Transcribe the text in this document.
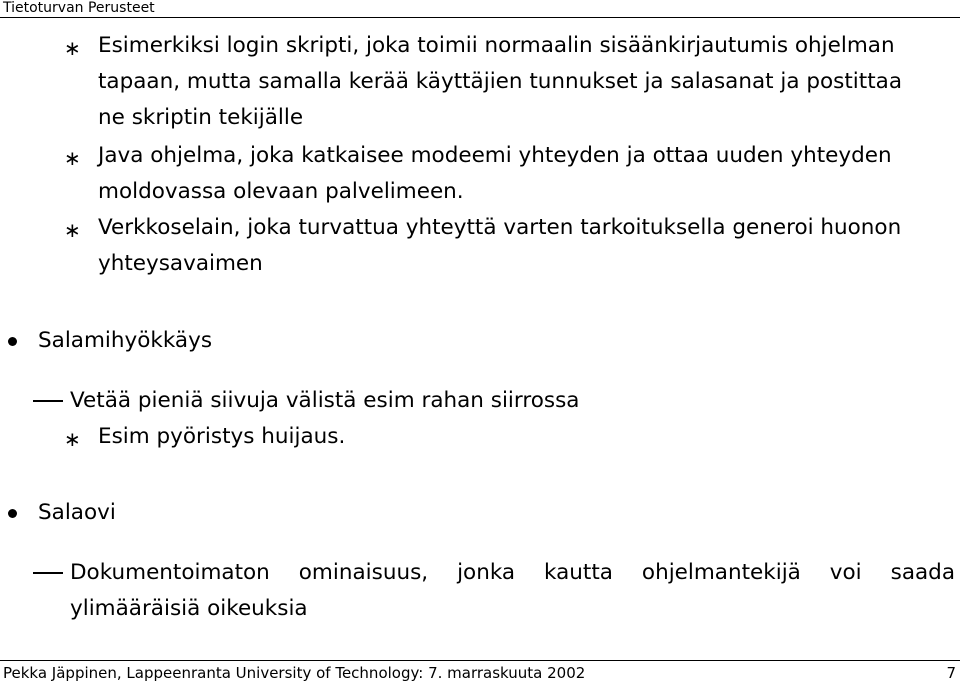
Tietoturvan Perusteet
∗ Esimerkiksi login skripti, joka toimii normaalin sisäänkirjautumis ohjelman
tapaan, mutta samalla kerää käyttäjien tunnukset ja salasanat ja postittaa
ne skriptin tekijälle
∗ Java ohjelma, joka katkaisee modeemi yhteyden ja ottaa uuden yhteyden
moldovassa olevaan palvelimeen.
∗ Verkkoselain, joka turvattua yhteyttä varten tarkoituksella generoi huonon
yhteysavaimen
Salamihyökkäys
Vetää pieniä siivuja välistä esim rahan siirrossa
∗ Esim pyöristys huijaus.
Salaovi
Dokumentoimaton ominaisuus, jonka kautta ohjelmantekijä voi saada
ylimääräisiä oikeuksia
Pekka Jäppinen, Lappeenranta University of Technology: 7. marraskuuta 2002	7
